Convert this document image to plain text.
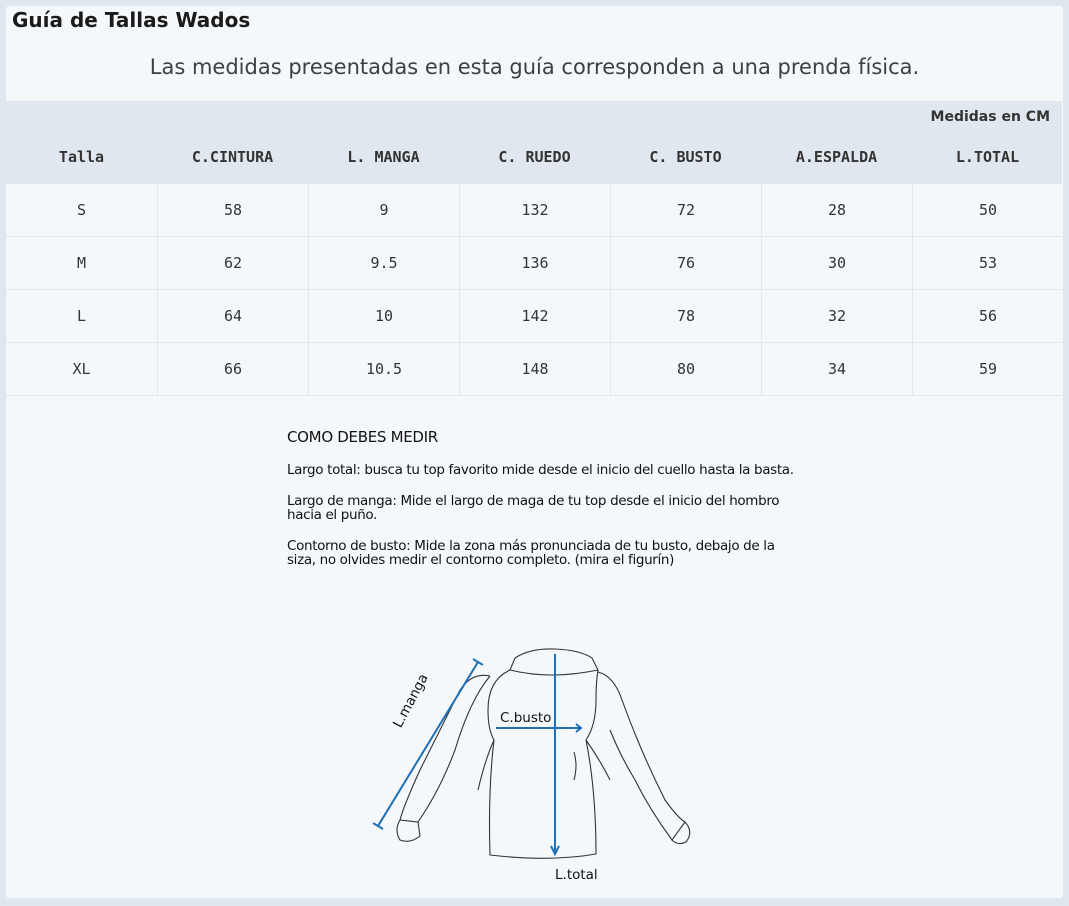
Guía de Tallas Wados
Las medidas presentadas en esta guía corresponden a una prenda física.
Medidas en CM
Talla	C.CINTURA	L. MANGA	C. RUEDO	C. BUSTO	A.ESPALDA	L.TOTAL
S	58	9	132	72	28	50
M	62	9.5	136	76	30	53
L	64	10	142	78	32	56
XL	66	10.5	148	80	34	59
COMO DEBES MEDIR

Largo total: busca tu top favorito mide desde el inicio del cuello hasta la basta.

Largo de manga: Mide el largo de maga de tu top desde el inicio del hombro hacia el puño.

Contorno de busto: Mide la zona más pronunciada de tu busto, debajo de la siza, no olvides medir el contorno completo. (mira el figurín)

L.manga	C.busto
L.total
